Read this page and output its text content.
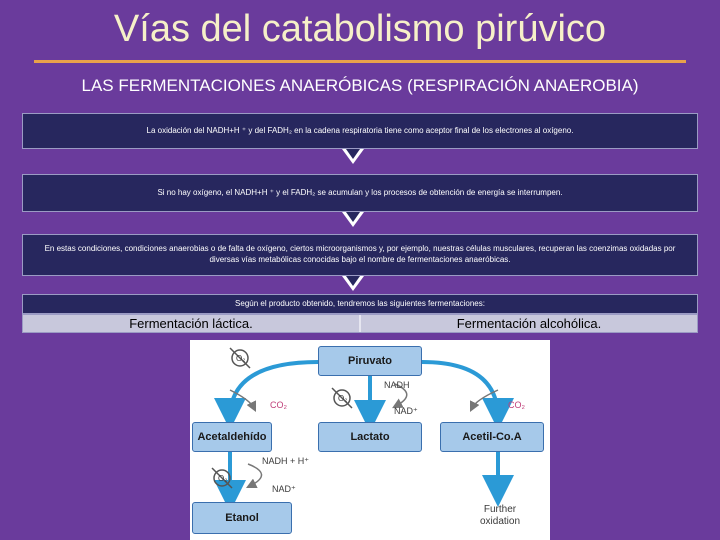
Vías del catabolismo pirúvico
LAS FERMENTACIONES ANAERÓBICAS (RESPIRACIÓN ANAEROBIA)
La oxidación del NADH+H ⁺ y del FADH₂ en la cadena respiratoria tiene como aceptor final de los electrones al oxígeno.
Si no hay oxígeno, el NADH+H ⁺ y el FADH₂ se acumulan y los procesos de obtención de energía se interrumpen.
En estas condiciones, condiciones anaerobias o de falta de oxígeno, ciertos microorganismos y, por ejemplo, nuestras células musculares, recuperan las coenzimas oxidadas por diversas vías metabólicas conocidas bajo el nombre de fermentaciones anaeróbicas.
Según el producto obtenido, tendremos las siguientes fermentaciones:
Fermentación láctica.	Fermentación alcohólica.
Piruvato
Acetaldehído	Lactato	Acetil-Co.A
Etanol
O₂
O₂
O₂
CO₂	CO₂
NADH
NAD⁺
NADH + H⁺
NAD⁺
Further
oxidation
